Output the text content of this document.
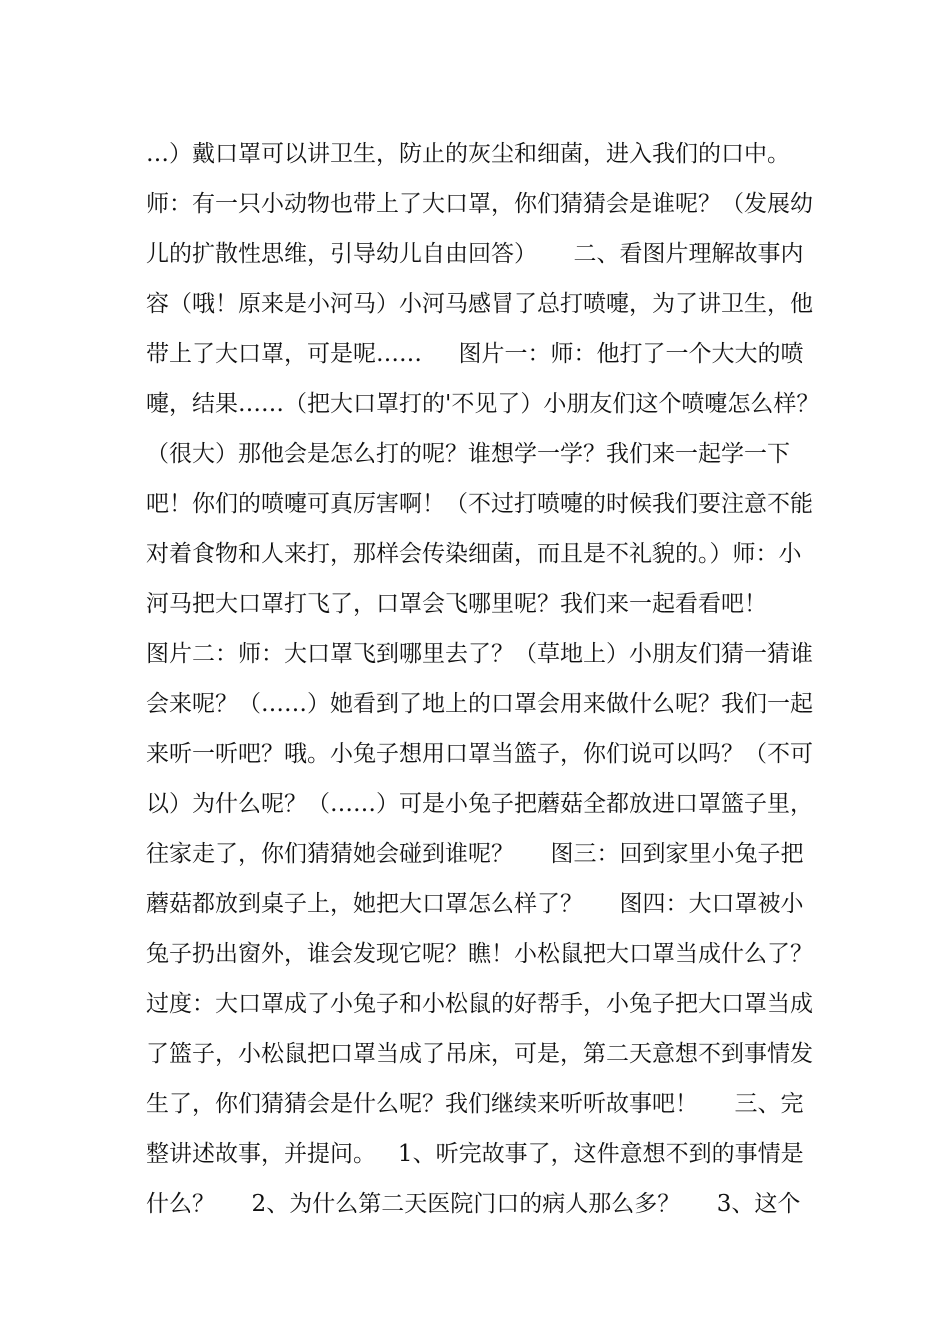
…）戴口罩可以讲卫生，防止的灰尘和细菌，进入我们的口中。
师：有一只小动物也带上了大口罩，你们猜猜会是谁呢？（发展幼
儿的扩散性思维，引导幼儿自由回答）     二、看图片理解故事内
容（哦！原来是小河马）小河马感冒了总打喷嚏，为了讲卫生，他
带上了大口罩，可是呢……     图片一：师：他打了一个大大的喷
嚏，结果……（把大口罩打的'不见了）小朋友们这个喷嚏怎么样？
（很大）那他会是怎么打的呢？谁想学一学？我们来一起学一下
吧！你们的喷嚏可真厉害啊！（不过打喷嚏的时候我们要注意不能
对着食物和人来打，那样会传染细菌，而且是不礼貌的。）师：小
河马把大口罩打飞了，口罩会飞哪里呢？我们来一起看看吧！
图片二：师：大口罩飞到哪里去了？（草地上）小朋友们猜一猜谁
会来呢？（……）她看到了地上的口罩会用来做什么呢？我们一起
来听一听吧？哦。小兔子想用口罩当篮子，你们说可以吗？（不可
以）为什么呢？（……）可是小兔子把蘑菇全都放进口罩篮子里，
往家走了，你们猜猜她会碰到谁呢？     图三：回到家里小兔子把
蘑菇都放到桌子上，她把大口罩怎么样了？     图四：大口罩被小
兔子扔出窗外，谁会发现它呢？瞧！小松鼠把大口罩当成什么了？
过度：大口罩成了小兔子和小松鼠的好帮手，小兔子把大口罩当成
了篮子，小松鼠把口罩当成了吊床，可是，第二天意想不到事情发
生了，你们猜猜会是什么呢？我们继续来听听故事吧！     三、完
整讲述故事，并提问。   1、听完故事了，这件意想不到的事情是
什么？     2、为什么第二天医院门口的病人那么多？     3、这个
